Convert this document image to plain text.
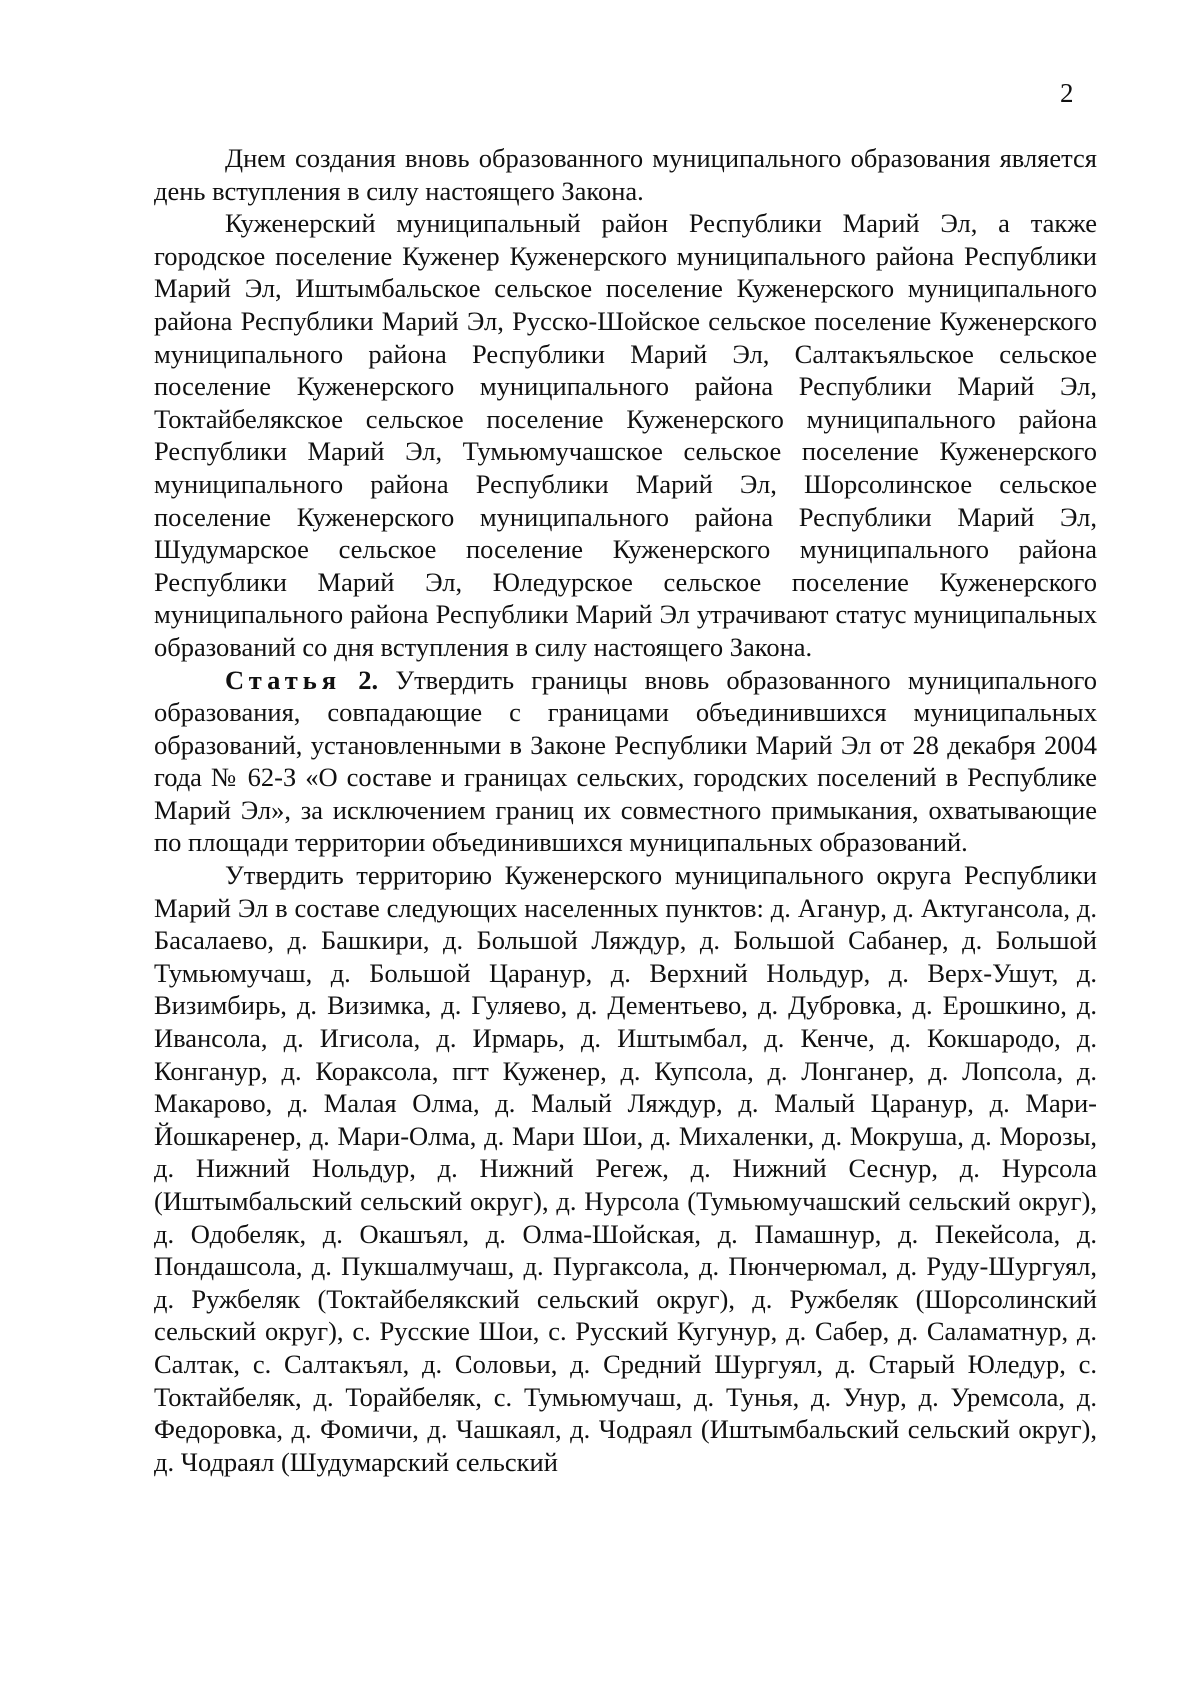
2

Днем создания вновь образованного муниципального образования является день вступления в силу настоящего Закона.

Куженерский муниципальный район Республики Марий Эл, а также городское поселение Куженер Куженерского муниципального района Республики Марий Эл, Иштымбальское сельское поселение Куженерского муниципального района Республики Марий Эл, Русско-Шойское сельское поселение Куженерского муниципального района Республики Марий Эл, Салтакъяльское сельское поселение Куженерского муниципального района Республики Марий Эл, Токтайбелякское сельское поселение Куженерского муниципального района Республики Марий Эл, Тумьюмучашское сельское поселение Куженерского муниципального района Республики Марий Эл, Шорсолинское сельское поселение Куженерского муниципального района Республики Марий Эл, Шудумарское сельское поселение Куженерского муниципального района Республики Марий Эл, Юледурское сельское поселение Куженерского муниципального района Республики Марий Эл утрачивают статус муниципальных образований со дня вступления в силу настоящего Закона.

Статья 2. Утвердить границы вновь образованного муниципального образования, совпадающие с границами объединившихся муниципальных образований, установленными в Законе Республики Марий Эл от 28 декабря 2004 года № 62-З «О составе и границах сельских, городских поселений в Республике Марий Эл», за исключением границ их совместного примыкания, охватывающие по площади территории объединившихся муниципальных образований.

Утвердить территорию Куженерского муниципального округа Республики Марий Эл в составе следующих населенных пунктов: д. Аганур, д. Актугансола, д. Басалаево, д. Башкири, д. Большой Ляждур, д. Большой Сабанер, д. Большой Тумьюмучаш, д. Большой Царанур, д. Верхний Нольдур, д. Верх-Ушут, д. Визимбирь, д. Визимка, д. Гуляево, д. Дементьево, д. Дубровка, д. Ерошкино, д. Ивансола, д. Игисола, д. Ирмарь, д. Иштымбал, д. Кенче, д. Кокшародо, д. Конганур, д. Кораксола, пгт Куженер, д. Купсола, д. Лонганер, д. Лопсола, д. Макарово, д. Малая Олма, д. Малый Ляждур, д. Малый Царанур, д. Мари-Йошкаренер, д. Мари-Олма, д. Мари Шои, д. Михаленки, д. Мокруша, д. Морозы, д. Нижний Нольдур, д. Нижний Регеж, д. Нижний Сеснур, д. Нурсола (Иштымбальский сельский округ), д. Нурсола (Тумьюмучашский сельский округ), д. Одобеляк, д. Окашъял, д. Олма-Шойская, д. Памашнур, д. Пекейсола, д. Пондашсола, д. Пукшалмучаш, д. Пургаксола, д. Пюнчерюмал, д. Руду-Шургуял, д. Ружбеляк (Токтайбелякский сельский округ), д. Ружбеляк (Шорсолинский сельский округ), с. Русские Шои, с. Русский Кугунур, д. Сабер, д. Саламатнур, д. Салтак, с. Салтакъял, д. Соловьи, д. Средний Шургуял, д. Старый Юледур, с. Токтайбеляк, д. Торайбеляк, с. Тумьюмучаш, д. Тунья, д. Унур, д. Уремсола, д. Федоровка, д. Фомичи, д. Чашкаял, д. Чодраял (Иштымбальский сельский округ), д. Чодраял (Шудумарский сельский
